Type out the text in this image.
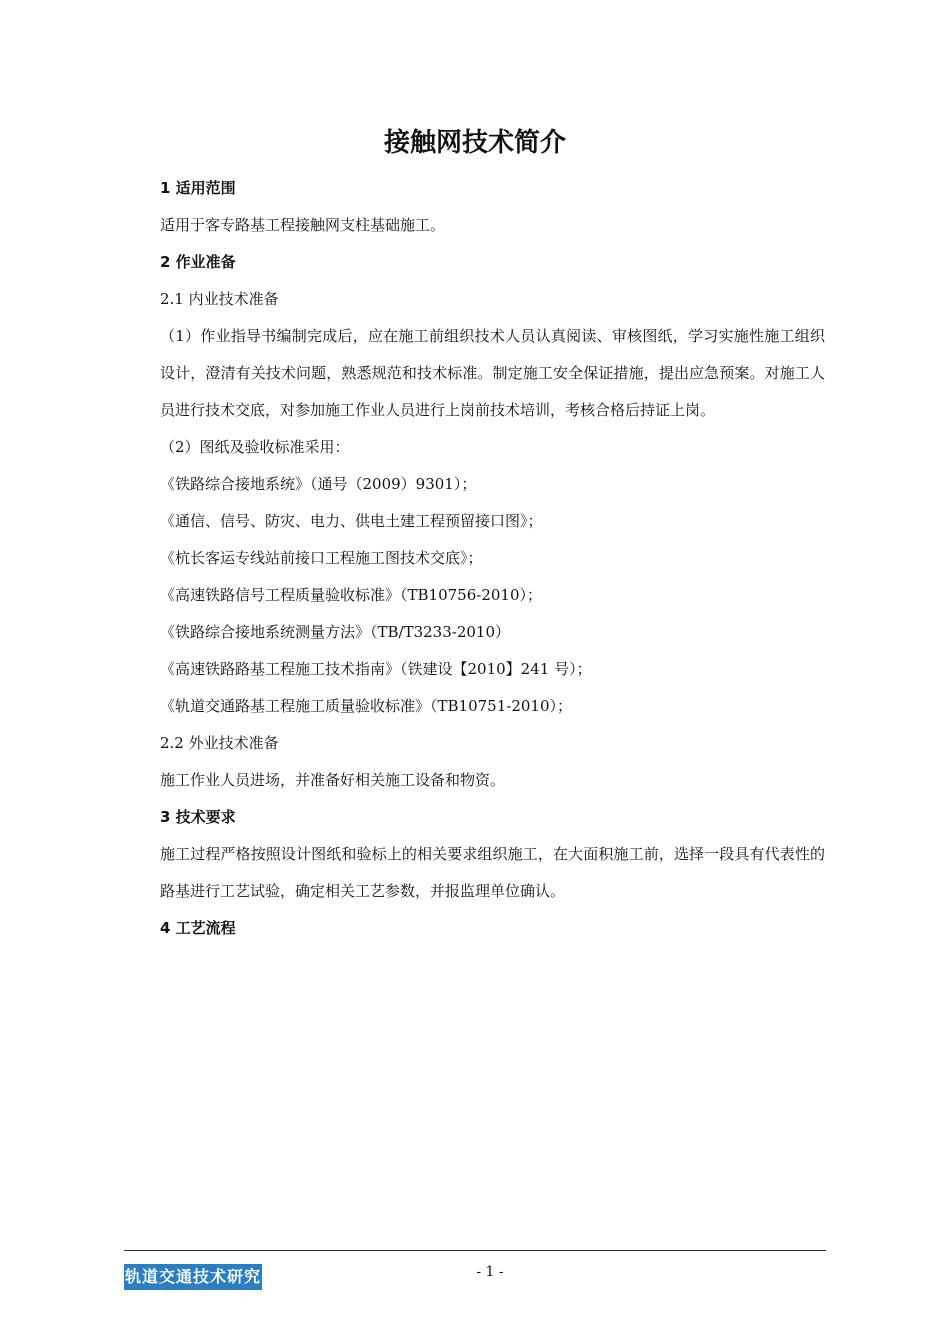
接触网技术简介
1 适用范围
适用于客专路基工程接触网支柱基础施工。
2 作业准备
2.1 内业技术准备
（1）作业指导书编制完成后，应在施工前组织技术人员认真阅读、审核图纸，学习实施性施工组织设计，澄清有关技术问题，熟悉规范和技术标准。制定施工安全保证措施，提出应急预案。对施工人员进行技术交底，对参加施工作业人员进行上岗前技术培训，考核合格后持证上岗。
（2）图纸及验收标准采用：
《铁路综合接地系统》（通号（2009）9301）；
《通信、信号、防灾、电力、供电土建工程预留接口图》；
《杭长客运专线站前接口工程施工图技术交底》；
《高速铁路信号工程质量验收标准》（TB10756-2010）；
《铁路综合接地系统测量方法》（TB/T3233-2010）
《高速铁路路基工程施工技术指南》（铁建设【2010】241 号）；
《轨道交通路基工程施工质量验收标准》（TB10751-2010）；
2.2 外业技术准备
施工作业人员进场，并准备好相关施工设备和物资。
3 技术要求
施工过程严格按照设计图纸和验标上的相关要求组织施工，在大面积施工前，选择一段具有代表性的路基进行工艺试验，确定相关工艺参数，并报监理单位确认。
4 工艺流程
轨道交通技术研究	- 1 -
